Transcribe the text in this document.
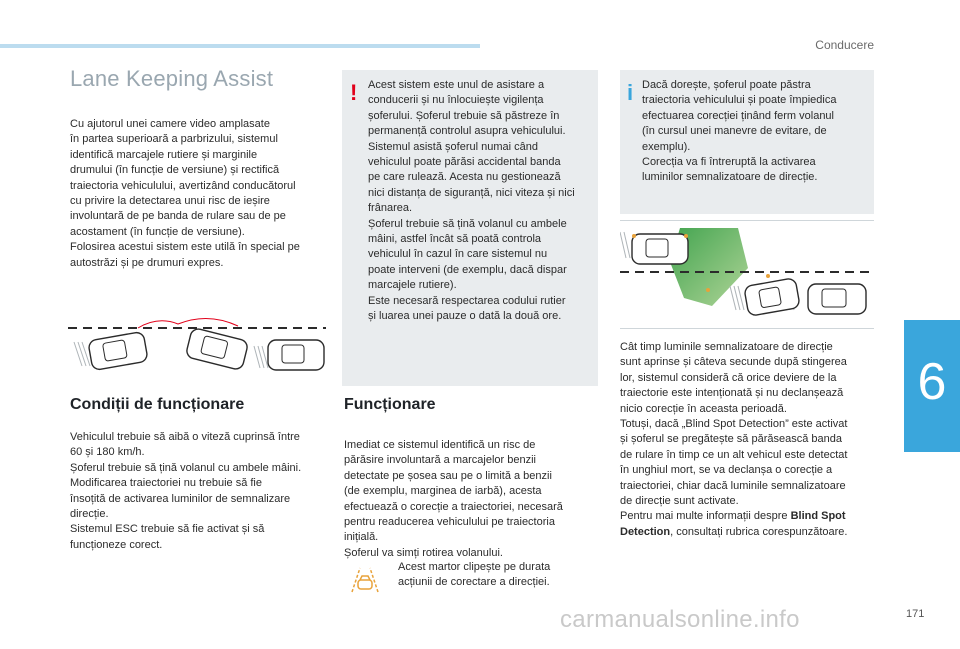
Conducere
6
Lane Keeping Assist
Cu ajutorul unei camere video amplasate
în partea superioară a parbrizului, sistemul
identifică marcajele rutiere și marginile
drumului (în funcție de versiune) și rectifică
traiectoria vehiculului, avertizând conducătorul
cu privire la detectarea unui risc de ieșire
involuntară de pe banda de rulare sau de pe
acostament (în funcție de versiune).
Folosirea acestui sistem este utilă în special pe
autostrăzi și pe drumuri expres.
Condiții de funcționare
Vehiculul trebuie să aibă o viteză cuprinsă între
60 și 180 km/h.
Șoferul trebuie să țină volanul cu ambele mâini.
Modificarea traiectoriei nu trebuie să fie
însoțită de activarea luminilor de semnalizare
direcție.
Sistemul ESC trebuie să fie activat și să
funcționeze corect.
! Acest sistem este unul de asistare a
conducerii și nu înlocuiește vigilența
șoferului. Șoferul trebuie să păstreze în
permanență controlul asupra vehiculului.
Sistemul asistă șoferul numai când
vehiculul poate părăsi accidental banda
pe care rulează. Acesta nu gestionează
nici distanța de siguranță, nici viteza și nici
frânarea.
Șoferul trebuie să țină volanul cu ambele
mâini, astfel încât să poată controla
vehiculul în cazul în care sistemul nu
poate interveni (de exemplu, dacă dispar
marcajele rutiere).
Este necesară respectarea codului rutier
și luarea unei pauze o dată la două ore.
Funcționare
Imediat ce sistemul identifică un risc de
părăsire involuntară a marcajelor benzii
detectate pe șosea sau pe o limită a benzii
(de exemplu, marginea de iarbă), acesta
efectuează o corecție a traiectoriei, necesară
pentru readucerea vehiculului pe traiectoria
inițială.
Șoferul va simți rotirea volanului.
Acest martor clipește pe durata
acțiunii de corectare a direcției.
i Dacă dorește, șoferul poate păstra
traiectoria vehiculului și poate împiedica
efectuarea corecției ținând ferm volanul
(în cursul unei manevre de evitare, de
exemplu).
Corecția va fi întreruptă la activarea
luminilor semnalizatoare de direcție.
Cât timp luminile semnalizatoare de direcție
sunt aprinse și câteva secunde după stingerea
lor, sistemul consideră că orice deviere de la
traiectorie este intenționată și nu declanșează
nicio corecție în aceasta perioadă.
Totuși, dacă „Blind Spot Detection” este activat
și șoferul se pregătește să părăsească banda
de rulare în timp ce un alt vehicul este detectat
în unghiul mort, se va declanșa o corecție a
traiectoriei, chiar dacă luminile semnalizatoare
de direcție sunt activate.
Pentru mai multe informații despre Blind Spot
Detection, consultați rubrica corespunzătoare.
171
carmanualsonline.info
